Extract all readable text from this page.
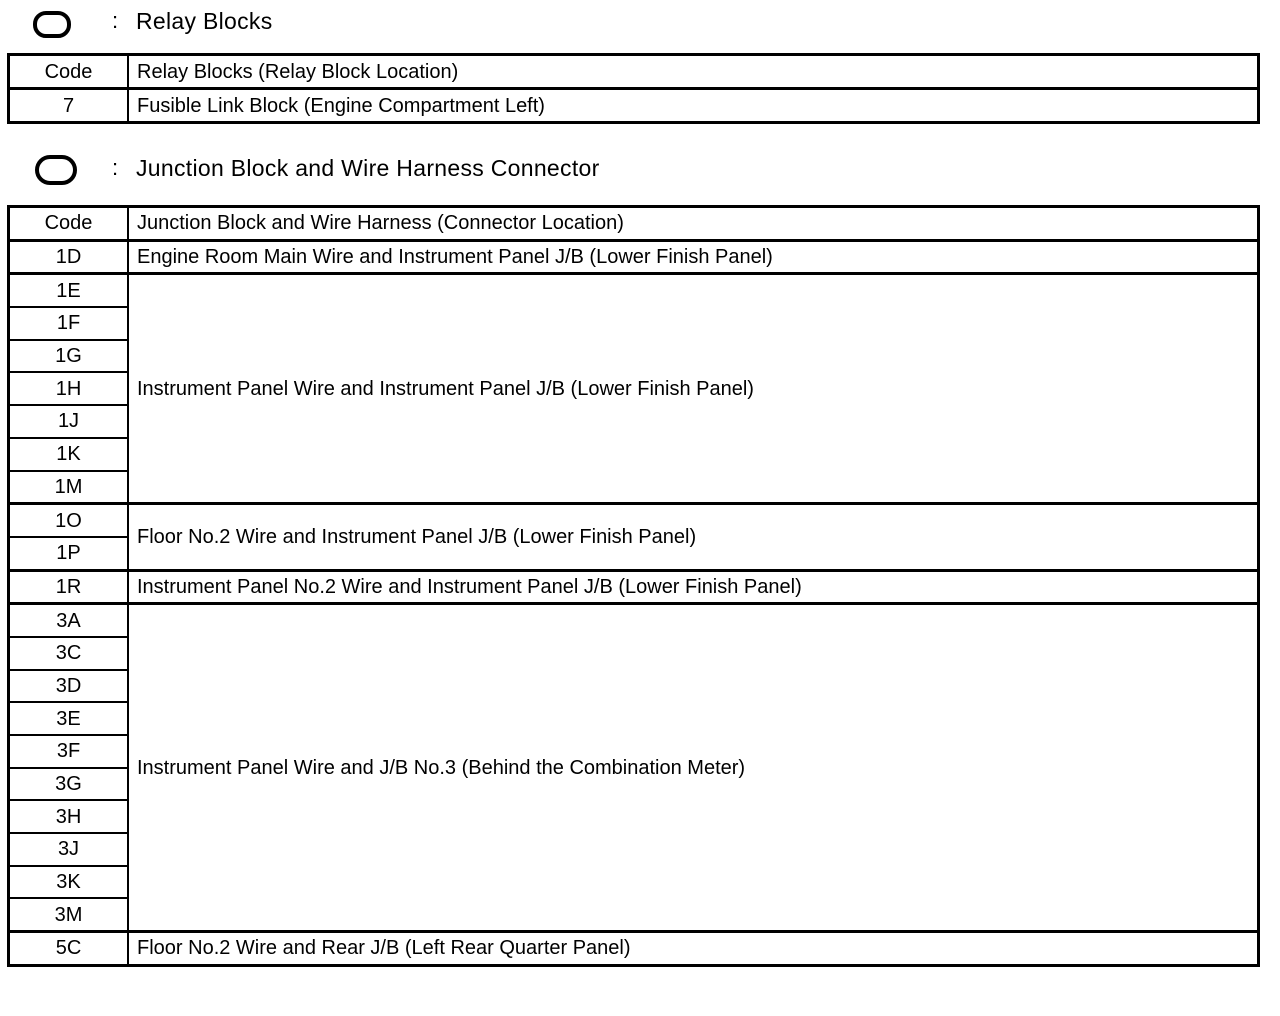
: Relay Blocks
Code	Relay Blocks (Relay Block Location)
7	Fusible Link Block (Engine Compartment Left)
: Junction Block and Wire Harness Connector
Code	Junction Block and Wire Harness (Connector Location)
1D	Engine Room Main Wire and Instrument Panel J/B (Lower Finish Panel)
1E	Instrument Panel Wire and Instrument Panel J/B (Lower Finish Panel)
1F	
1G	
1H	
1J	
1K	
1M	
1O	Floor No.2 Wire and Instrument Panel J/B (Lower Finish Panel)
1P	
1R	Instrument Panel No.2 Wire and Instrument Panel J/B (Lower Finish Panel)
3A	Instrument Panel Wire and J/B No.3 (Behind the Combination Meter)
3C	
3D	
3E	
3F	
3G	
3H	
3J	
3K	
3M	
5C	Floor No.2 Wire and Rear J/B (Left Rear Quarter Panel)
